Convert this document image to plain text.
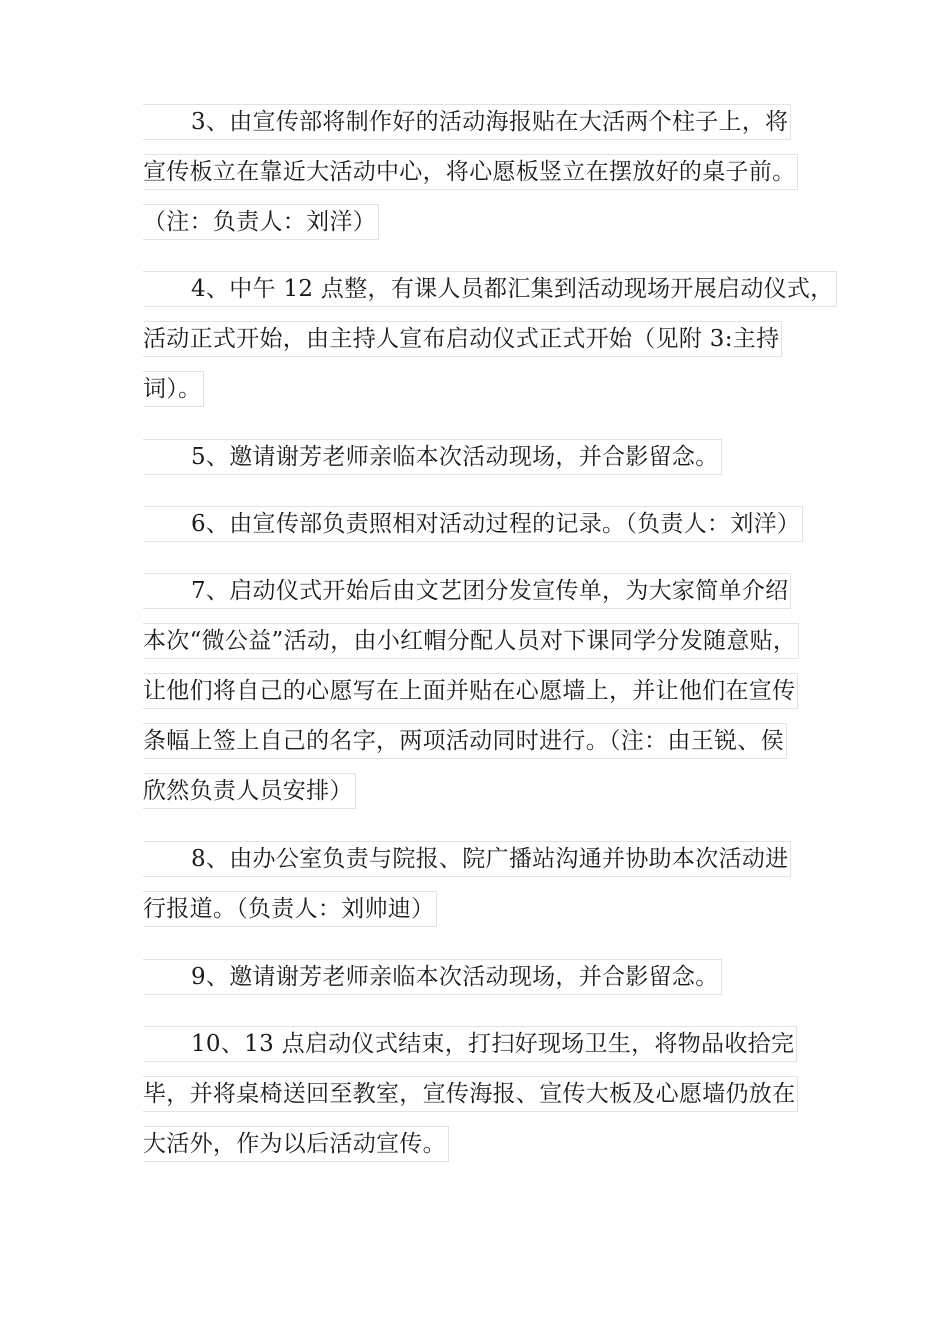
3、由宣传部将制作好的活动海报贴在大活两个柱子上，将
宣传板立在靠近大活动中心，将心愿板竖立在摆放好的桌子前。
（注：负责人：刘洋）
4、中午 12 点整，有课人员都汇集到活动现场开展启动仪式，
活动正式开始，由主持人宣布启动仪式正式开始（见附 3:主持
词）。
5、邀请谢芳老师亲临本次活动现场，并合影留念。
6、由宣传部负责照相对活动过程的记录。（负责人：刘洋）
7、启动仪式开始后由文艺团分发宣传单，为大家简单介绍
本次“微公益”活动，由小红帽分配人员对下课同学分发随意贴，
让他们将自己的心愿写在上面并贴在心愿墙上，并让他们在宣传
条幅上签上自己的名字，两项活动同时进行。（注：由王锐、侯
欣然负责人员安排）
8、由办公室负责与院报、院广播站沟通并协助本次活动进
行报道。（负责人：刘帅迪）
9、邀请谢芳老师亲临本次活动现场，并合影留念。
10、13 点启动仪式结束，打扫好现场卫生，将物品收拾完
毕，并将桌椅送回至教室，宣传海报、宣传大板及心愿墙仍放在
大活外，作为以后活动宣传。
